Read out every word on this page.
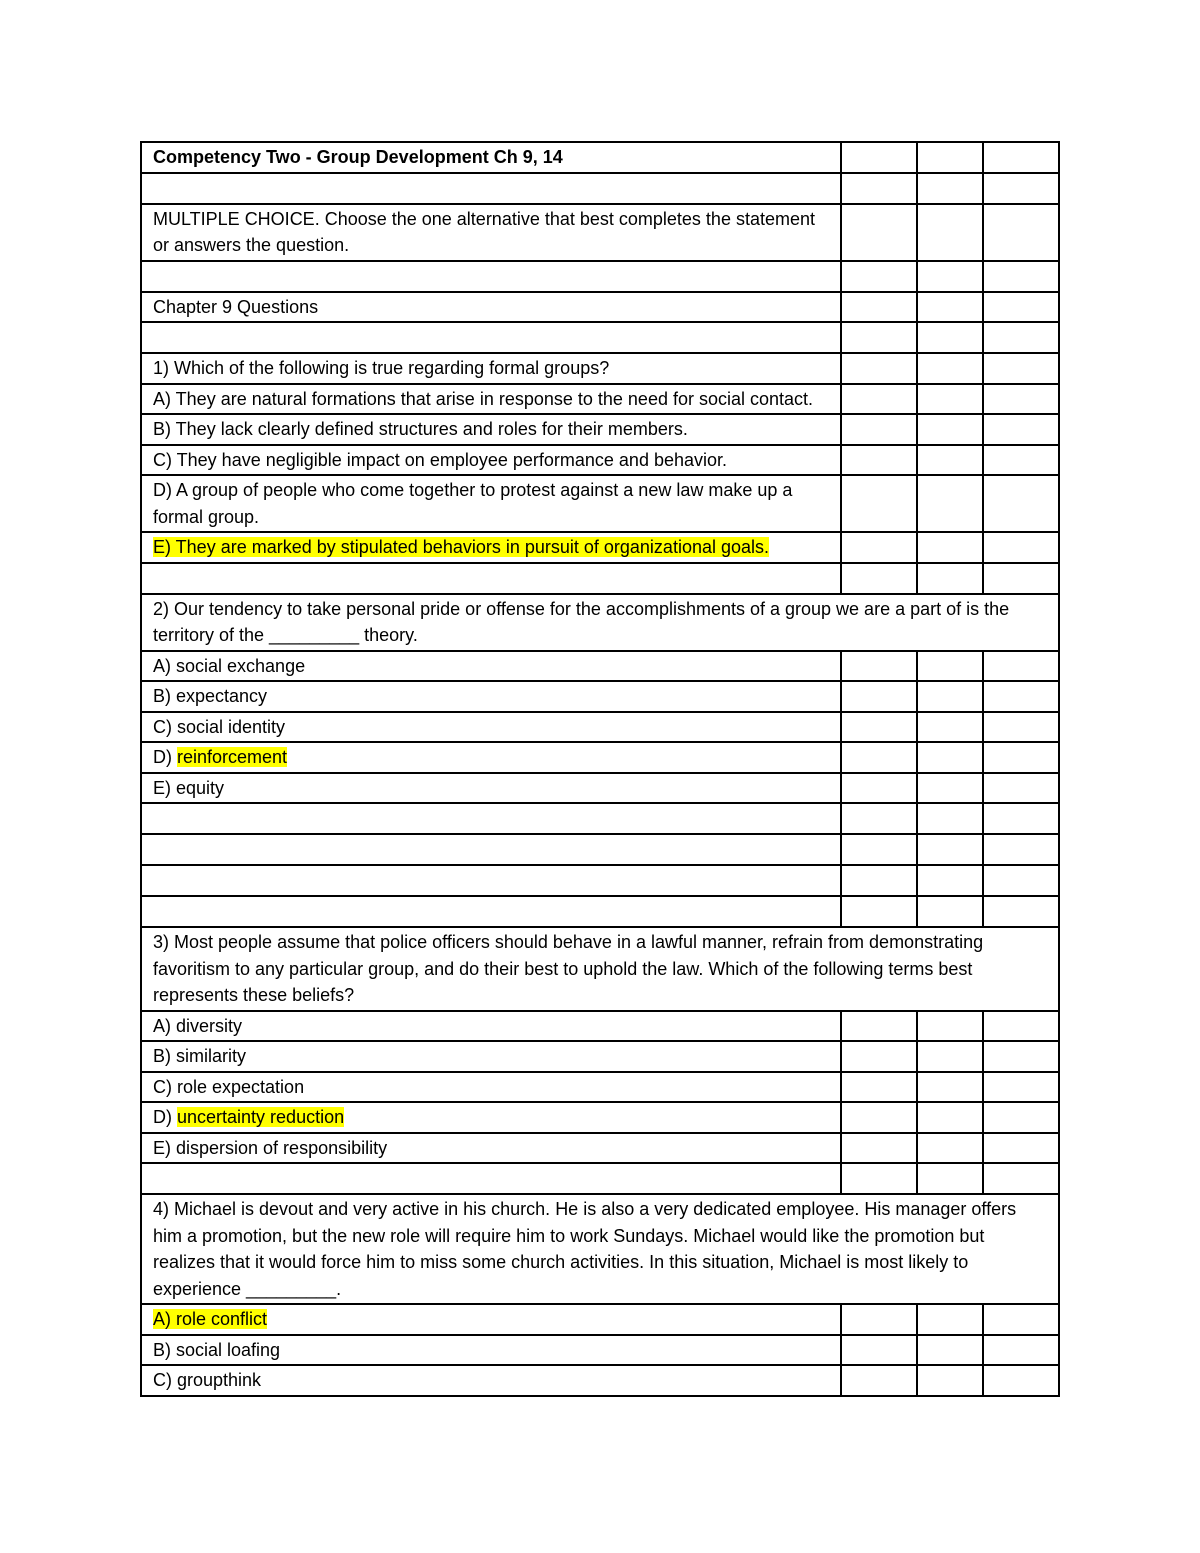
Competency Two - Group Development Ch 9, 14			

MULTIPLE CHOICE. Choose the one alternative that best completes the statement or answers the question.			

Chapter 9 Questions			

1) Which of the following is true regarding formal groups?			
A) They are natural formations that arise in response to the need for social contact.			
B) They lack clearly defined structures and roles for their members.			
C) They have negligible impact on employee performance and behavior.			
D) A group of people who come together to protest against a new law make up a formal group.			
E) They are marked by stipulated behaviors in pursuit of organizational goals.			

2) Our tendency to take personal pride or offense for the accomplishments of a group we are a part of is the territory of the _________ theory.			
A) social exchange			
B) expectancy			
C) social identity			
D) reinforcement			
E) equity			

3) Most people assume that police officers should behave in a lawful manner, refrain from demonstrating favoritism to any particular group, and do their best to uphold the law. Which of the following terms best represents these beliefs?			
A) diversity			
B) similarity			
C) role expectation			
D) uncertainty reduction			
E) dispersion of responsibility			

4) Michael is devout and very active in his church. He is also a very dedicated employee. His manager offers him a promotion, but the new role will require him to work Sundays. Michael would like the promotion but realizes that it would force him to miss some church activities. In this situation, Michael is most likely to experience _________.			
A) role conflict			
B) social loafing			
C) groupthink			
